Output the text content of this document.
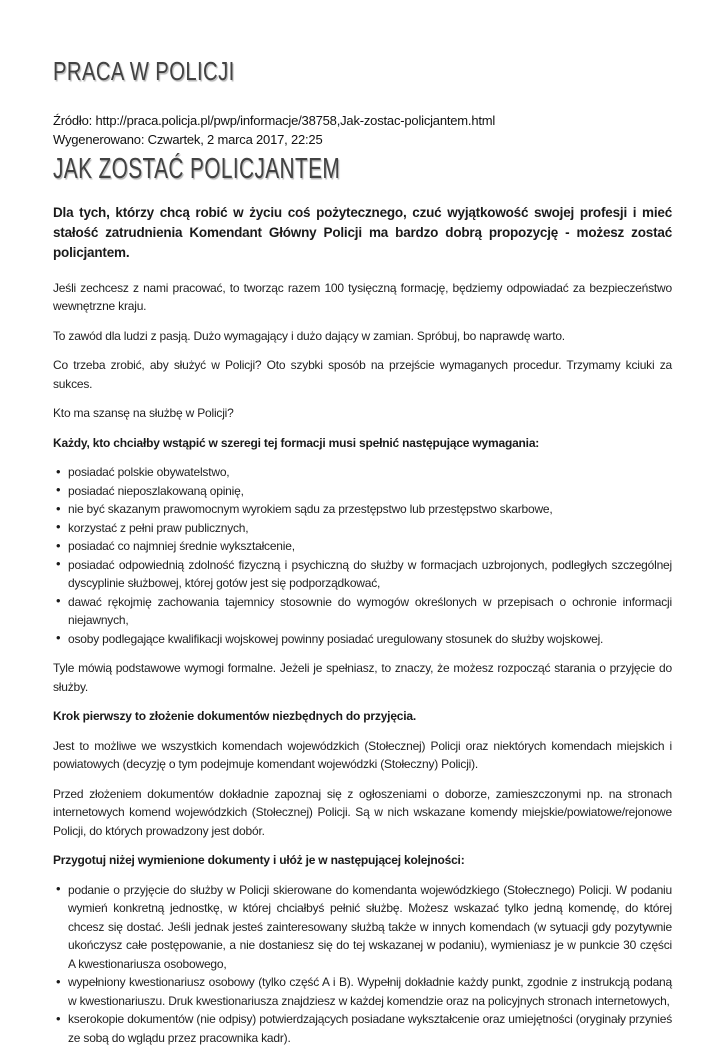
PRACA W POLICJI
Źródło: http://praca.policja.pl/pwp/informacje/38758,Jak-zostac-policjantem.html
Wygenerowano: Czwartek, 2 marca 2017, 22:25
JAK ZOSTAĆ POLICJANTEM

Dla tych, którzy chcą robić w życiu coś pożytecznego, czuć wyjątkowość swojej profesji i mieć stałość zatrudnienia Komendant Główny Policji ma bardzo dobrą propozycję - możesz zostać policjantem.

Jeśli zechcesz z nami pracować, to tworząc razem 100 tysięczną formację, będziemy odpowiadać za bezpieczeństwo wewnętrzne kraju.

To zawód dla ludzi z pasją. Dużo wymagający i dużo dający w zamian. Spróbuj, bo naprawdę warto.

Co trzeba zrobić, aby służyć w Policji? Oto szybki sposób na przejście wymaganych procedur. Trzymamy kciuki za sukces.

Kto ma szansę na służbę w Policji?

Każdy, kto chciałby wstąpić w szeregi tej formacji musi spełnić następujące wymagania:

• posiadać polskie obywatelstwo,
• posiadać nieposzlakowaną opinię,
• nie być skazanym prawomocnym wyrokiem sądu za przestępstwo lub przestępstwo skarbowe,
• korzystać z pełni praw publicznych,
• posiadać co najmniej średnie wykształcenie,
• posiadać odpowiednią zdolność fizyczną i psychiczną do służby w formacjach uzbrojonych, podległych szczególnej dyscyplinie służbowej, której gotów jest się podporządkować,
• dawać rękojmię zachowania tajemnicy stosownie do wymogów określonych w przepisach o ochronie informacji niejawnych,
• osoby podlegające kwalifikacji wojskowej powinny posiadać uregulowany stosunek do służby wojskowej.

Tyle mówią podstawowe wymogi formalne. Jeżeli je spełniasz, to znaczy, że możesz rozpocząć starania o przyjęcie do służby.

Krok pierwszy to złożenie dokumentów niezbędnych do przyjęcia.

Jest to możliwe we wszystkich komendach wojewódzkich (Stołecznej) Policji oraz niektórych komendach miejskich i powiatowych (decyzję o tym podejmuje komendant wojewódzki (Stołeczny) Policji).

Przed złożeniem dokumentów dokładnie zapoznaj się z ogłoszeniami o doborze, zamieszczonymi np. na stronach internetowych komend wojewódzkich (Stołecznej) Policji. Są w nich wskazane komendy miejskie/powiatowe/rejonowe Policji, do których prowadzony jest dobór.

Przygotuj niżej wymienione dokumenty i ułóż je w następującej kolejności:

• podanie o przyjęcie do służby w Policji skierowane do komendanta wojewódzkiego (Stołecznego) Policji. W podaniu wymień konkretną jednostkę, w której chciałbyś pełnić służbę. Możesz wskazać tylko jedną komendę, do której chcesz się dostać. Jeśli jednak jesteś zainteresowany służbą także w innych komendach (w sytuacji gdy pozytywnie ukończysz całe postępowanie, a nie dostaniesz się do tej wskazanej w podaniu), wymieniasz je w punkcie 30 części A kwestionariusza osobowego,
• wypełniony kwestionariusz osobowy (tylko część A i B). Wypełnij dokładnie każdy punkt, zgodnie z instrukcją podaną w kwestionariuszu. Druk kwestionariusza znajdziesz w każdej komendzie oraz na policyjnych stronach internetowych,
• kserokopie dokumentów (nie odpisy) potwierdzających posiadane wykształcenie oraz umiejętności (oryginały przynieś ze sobą do wglądu przez pracownika kadr).
